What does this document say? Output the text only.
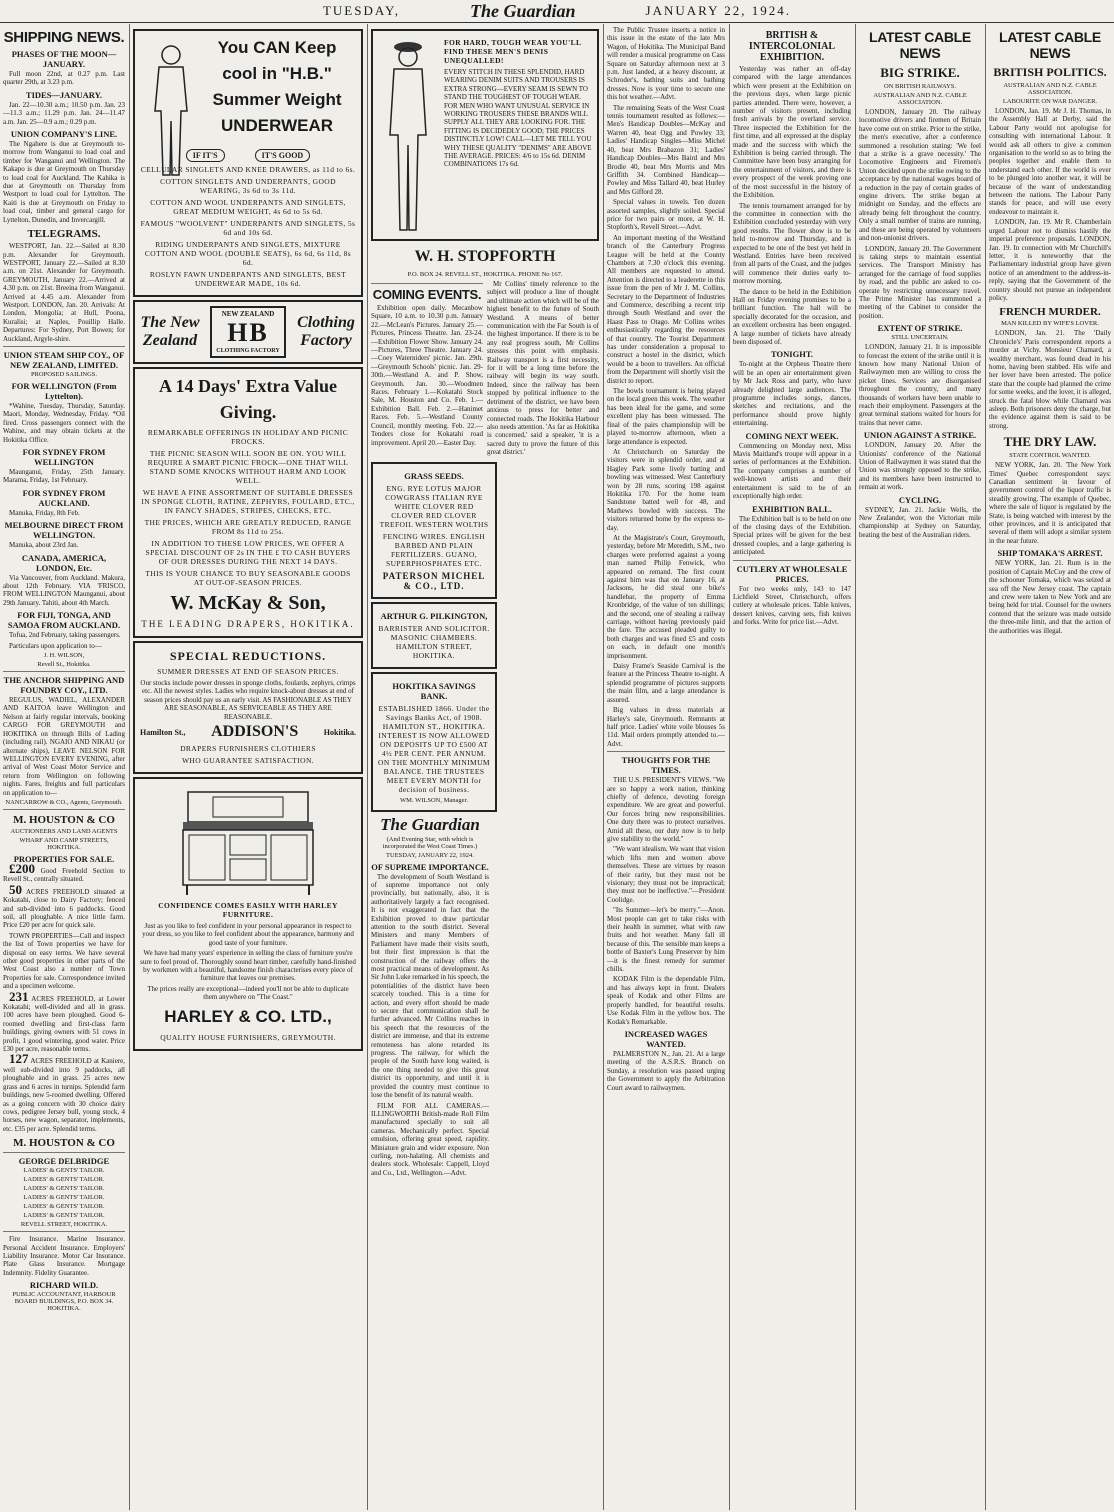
TUESDAY,	The Guardian	JANUARY 22, 1924.
SHIPPING NEWS.
PHASES OF THE MOON—JANUARY.

Full moon 22nd, at 0.27 p.m. Last quarter 29th, at 3.23 p.m.

TIDES—JANUARY.

Jan. 22—10.30 a.m.; 10.50 p.m. Jan. 23—11.3 a.m.; 11.29 p.m. Jan. 24—11.47 a.m. Jan. 25—0.9 a.m.; 0.29 p.m.

UNION COMPANY'S LINE.

The Ngahere is due at Greymouth to-morrow from Wanganui to load coal and timber for Wanganui and Wellington. The Kakapo is due at Greymouth on Thursday to load coal for Auckland. The Kahika is due at Greymouth on Thursday from Westport to load coal for Lyttelton. The Kaiti is due at Greymouth on Friday to load coal, timber and general cargo for Lyttelton, Dunedin, and Invercargill.

TELEGRAMS.

WESTPORT, Jan. 22.—Sailed at 8.30 p.m. Alexander for Greymouth. WESTPORT, January 22.—Sailed at 8.30 a.m. on 21st. Alexander for Greymouth. GREYMOUTH, January 22.—Arrived at 4.30 p.m. on 21st. Breeina from Wanganui. Arrived at 4.45 a.m. Alexander from Westport. LONDON, Jan. 20. Arrivals: At London, Mongolia; at Hull, Poona, Kuralisi; at Naples, Pouillip Halle. Departures: For Sydney, Port Bowen; for Auckland, Argyle-shire.

UNION STEAM SHIP COY., OF NEW ZEALAND, LIMITED.
PROPOSED SAILINGS.
FOR WELLINGTON (From Lyttelton).

*Wahine, Tuesday, Thursday, Saturday. Maori, Monday, Wednesday, Friday. *Oil fired. Cross passengers connect with the Wahine, and may obtain tickets at the Hokitika Office.

FOR SYDNEY FROM WELLINGTON

Maunganui, Friday, 25th January. Marama, Friday, 1st February.

FOR SYDNEY FROM AUCKLAND.

Manuka, Friday, 8th Feb.

MELBOURNE DIRECT FROM WELLINGTON.

Manuka, about 23rd Jan.

CANADA, AMERICA, LONDON, Etc.

Via Vancouver, from Auckland. Makura, about 12th February. VIA 'FRISCO, FROM WELLINGTON Maunganui, about 29th January. Tahiti, about 4th March.

FOR FIJI, TONGA, AND SAMOA FROM AUCKLAND.

Tofua, 2nd February, taking passengers.

Particulars upon application to—

J. H. WILSON,
Revell St., Hokitika.
THE ANCHOR SHIPPING AND FOUNDRY COY., LTD.

REGULUS, WADIEL, ALEXANDER AND KAITOA leave Wellington and Nelson at fairly regular intervals, booking CARGO FOR GREYMOUTH and HOKITIKA on through Bills of Lading (including rail). NGAIO AND NIKAU (or alternate ships), LEAVE NELSON FOR WELLINGTON EVERY EVENING, after arrival of West Coast Motor Service and return from Wellington on following nights. Fares, freights and full particulars on application to—

NANCARROW & CO., Agents, Greymouth.
M. HOUSTON & CO
AUCTIONEERS AND LAND AGENTS
WHARF AND CAMP STREETS, HOKITIKA.
PROPERTIES FOR SALE.

£200 Good Freehold Section to Revell St., centrally situated.

50 ACRES FREEHOLD situated at Kokatahi, close to Dairy Factory; fenced and sub-divided into 6 paddocks. Good soil, all ploughable. A nice little farm. Price £20 per acre for quick sale.

TOWN PROPERTIES—Call and inspect the list of Town properties we have for disposal on easy terms. We have several other good properties in other parts of the West Coast also a number of Town Properties for sale. Correspondence invited and a specimen welcome.

231 ACRES FREEHOLD, at Lower Kokatahi; well-divided and all in grass. 100 acres have been ploughed. Good 6-roomed dwelling and first-class farm buildings, giving owners with 51 cows in profit, 1 good wintering, good water. Price £30 per acre, reasonable terms.

127 ACRES FREEHOLD at Kaniere, well sub-divided into 9 paddocks, all ploughable and in grass. 25 acres new grass and 6 acres in turnips. Splendid farm buildings, new 5-roomed dwelling. Offered as a going concern with 30 choice dairy cows, pedigree Jersey bull, young stock, 4 horses, new wagon, separator, implements, etc. £35 per acre. Splendid terms.

M. HOUSTON & CO
GEORGE DELBRIDGE
LADIES' & GENTS' TAILOR.
LADIES' & GENTS' TAILOR.
LADIES' & GENTS' TAILOR.
LADIES' & GENTS' TAILOR.
LADIES' & GENTS' TAILOR.
LADIES' & GENTS' TAILOR.
REVELL STREET, HOKITIKA.

Fire Insurance. Marine Insurance. Personal Accident Insurance. Employers' Liability Insurance. Motor Car Insurance. Plate Glass Insurance. Mortgage Indemnity. Fidelity Guarantee.

RICHARD WILD.
PUBLIC ACCOUNTANT, HARBOUR BOARD BUILDINGS, P.O. BOX 34. HOKITIKA.
You CAN Keep
cool in "H.B."
Summer Weight
UNDERWEAR
IF IT'S	IT'S GOOD
CELLULAR SINGLETS AND KNEE DRAWERS, as 11d to 6s.
COTTON SINGLETS AND UNDERPANTS, GOOD WEARING, 3s 6d to 3s 11d.
COTTON AND WOOL UNDERPANTS AND SINGLETS, GREAT MEDIUM WEIGHT, 4s 6d to 5s 6d.
FAMOUS "WOOLVENT" UNDERPANTS AND SINGLETS, 5s 6d and 10s 6d.
RIDING UNDERPANTS AND SINGLETS, MIXTURE COTTON AND WOOL (DOUBLE SEATS), 6s 6d, 6s 11d, 8s 6d.
ROSLYN FAWN UNDERPANTS AND SINGLETS, BEST UNDERWEAR MADE, 10s 6d.
The New Zealand
NEW ZEALAND
HB
CLOTHING FACTORY
Clothing Factory
A 14 Days' Extra Value Giving.
REMARKABLE OFFERINGS IN HOLIDAY AND PICNIC FROCKS.
THE PICNIC SEASON WILL SOON BE ON. YOU WILL REQUIRE A SMART PICNIC FROCK—ONE THAT WILL STAND SOME KNOCKS WITHOUT HARM AND LOOK WELL.
WE HAVE A FINE ASSORTMENT OF SUITABLE DRESSES IN SPONGE CLOTH, RATINE, ZEPHYRS, FOULARD, ETC., IN FANCY SHADES, STRIPES, CHECKS, ETC.
THE PRICES, WHICH ARE GREATLY REDUCED, RANGE FROM 8s 11d to 25s.
IN ADDITION TO THESE LOW PRICES, WE OFFER A SPECIAL DISCOUNT OF 2s IN THE £ TO CASH BUYERS OF OUR DRESSES DURING THE NEXT 14 DAYS.
THIS IS YOUR CHANCE TO BUY SEASONABLE GOODS AT OUT-OF-SEASON PRICES.
W. McKay & Son,
THE LEADING DRAPERS, HOKITIKA.
SPECIAL REDUCTIONS.
SUMMER DRESSES AT END OF SEASON PRICES.

Our stocks include power dresses in sponge cloths, foulards, zephyrs, crimps etc. All the newest styles. Ladies who require knock-about dresses at end of season prices should pay us an early visit. AS FASHIONABLE AS THEY ARE SEASONABLE, AS SERVICEABLE AS THEY ARE REASONABLE.

Hamilton St., ADDISON'S	Hokitika.
DRAPERS FURNISHERS CLOTHIERS
WHO GUARANTEE SATISFACTION.
CONFIDENCE COMES EASILY WITH HARLEY FURNITURE.

Just as you like to feel confident in your personal appearance in respect to your dress, so you like to feel confident about the appearance, harmony and good taste of your furniture.

We have had many years' experience in selling the class of furniture you're sure to feel proud of. Thoroughly sound heart timber, carefully hand-finished by workmen with a beautiful, handsome finish characterises every piece of furniture that leaves our premises.

The prices really are exceptional—indeed you'll not be able to duplicate them anywhere on "The Coast."

HARLEY & CO. LTD.,
QUALITY HOUSE FURNISHERS, GREYMOUTH.
FOR HARD, TOUGH WEAR YOU'LL FIND THESE MEN'S DENIS UNEQUALLED!

EVERY STITCH IN THESE SPLENDID, HARD WEARING DENIM SUITS AND TROUSERS IS EXTRA STRONG—EVERY SEAM IS SEWN TO STAND THE TOUGHEST OF TOUGH WEAR. FOR MEN WHO WANT UNUSUAL SERVICE IN WORKING TROUSERS THESE BRANDS WILL SUPPLY ALL THEY ARE LOOKING FOR. THE FITTING IS DECIDEDLY GOOD; THE PRICES DISTINCTLY LOW! CALL—LET ME TELL YOU WHY THESE QUALITY "DENIMS" ARE ABOVE THE AVERAGE. PRICES: 4/6 to 15s 6d. DENIM COMBINATIONS 17s 6d.

W. H. STOPFORTH
P.O. BOX 24. REVELL ST., HOKITIKA. PHONE No 167.
COMING EVENTS.

Exhibition open daily. Mecanbow Square, 10 a.m. to 10.30 p.m. January 22.—McLean's Pictures. January 25.—Pictures, Princess Theatre. Jan. 23-24.—Exhibition Flower Show. January 24.—Pictures, Three Theatre. January 24.—Coey Waterniders' picnic. Jan. 29th.—Greymouth Schools' picnic. Jan. 29-30th.—Westland A. and P. Show, Greymouth. Jan. 30.—Woodmen Races. February 1.—Kokatahi Stock Sale, M. Houston and Co. Feb. 1.—Exhibition Ball. Feb. 2.—Hanimet Races. Feb. 5.—Westland County Council, monthly meeting. Feb. 22.—Tenders close for Kokatahi road improvement. April 20.—Easter Day.

Mr Collins' timely reference to the subject will produce a line of thought and ultimate action which will be of the highest benefit to the future of South Westland. A means of better communication with the Far South is of the highest importance. If there is to be any real progress south, Mr Collins stresses this point with emphasis. Railway transport is a first necessity, for it will be a long time before the railway will begin its way south. Indeed, since the railway has been stopped by political influence to the detriment of the district, we have been anxious to press for better and connected roads. The Hokitika Harbour also needs attention. 'As far as Hokitika is concerned,' said a speaker, 'it is a sacred duty to prove the future of this great district.'

GRASS SEEDS.
ENG. RYE LOTUS MAJOR COWGRASS ITALIAN RYE WHITE CLOVER RED CLOVER RED CLOVER TREFOIL WESTERN WOLTHS
FENCING WIRES. ENGLISH BARBED AND PLAIN FERTILIZERS. GUANO, SUPERPHOSPHATES ETC.
PATERSON MICHEL & CO., LTD.
ARTHUR G. PILKINGTON,
BARRISTER AND SOLICITOR. MASONIC CHAMBERS. HAMILTON STREET, HOKITIKA.
HOKITIKA SAVINGS BANK.
ESTABLISHED 1866. Under the Savings Banks Act, of 1908. HAMILTON ST., HOKITIKA. INTEREST IS NOW ALLOWED ON DEPOSITS UP TO £500 AT 4½ PER CENT. PER ANNUM. ON THE MONTHLY MINIMUM BALANCE. THE TRUSTEES MEET EVERY MONTH for decision of business.
WM. WILSON, Manager.
The Guardian
(And Evening Star, with which is incorporated the West Coast Times.)
TUESDAY, JANUARY 22, 1924.
OF SUPREME IMPORTANCE.

The development of South Westland is of supreme importance not only provincially, but nationally, also, it is authoritatively largely a fact recognised. It is not exaggerated in fact that the Exhibition proved to draw particular attention to the south district. Several Ministers and many Members of Parliament have made their visits south, but their first impression is that the construction of the railway offers the most practical means of development. As Sir John Luke remarked in his speech, the potentialities of the district have been scarcely touched. This is a time for action, and every effort should be made to secure that communication shall be further advanced. Mr Collins reaches in his speech that the resources of the district are immense, and that its extreme remoteness has alone retarded its progress. The railway, for which the people of the South have long waited, is the one thing needed to give this great district its opportunity, and until it is provided the country must continue to lose the benefit of its natural wealth.

FILM FOR ALL CAMERAS.—ILLINGWORTH British-made Roll Film manufactured specially to suit all cameras. Mechanically perfect. Special emulsion, offering great speed, rapidity. Miniature grain and wider exposure. Non curling, non-halating. All chemists and dealers stock. Wholesale: Cappell, Lloyd and Co., Ltd., Wellington.—Advt.

The Public Trustee inserts a notice in this issue in the estate of the late Mrs Wagon, of Hokitika. The Municipal Band will render a musical programme on Cass Square on Saturday afternoon next at 3 p.m. Just landed, at a heavy discount, at Schroder's, bathing suits and bathing dresses. Now is your time to secure one this hot weather.—Advt.

The remaining Seats of the West Coast tennis tournament resulted as follows:—Men's Handicap Doubles—McKay and Warren 40, beat Ogg and Powley 33; Ladies' Handicap Singles—Miss Michel 40, beat Mrs Brabazon 31; Ladies' Handicap Doubles—Mrs Baird and Mrs Brodie 40, beat Mrs Morris and Mrs Griffith 34. Combined Handicap—Powley and Miss Tallard 40, beat Hurley and Mrs Gifford 28.

Special values in towels. Ten dozen assorted samples, slightly soiled. Special price for two pairs or more, at W. H. Stopforth's, Revell Street.—Advt.

An important meeting of the Westland branch of the Canterbury Progress League will be held at the County Chambers at 7.30 o'clock this evening. All members are requested to attend. Attention is directed to a leaderette in this issue from the pen of Mr J. M. Collins, Secretary to the Department of Industries and Commerce, describing a recent trip through South Westland and over the Haast Pass to Otago. Mr Collins writes enthusiastically regarding the resources of that country. The Tourist Department has under consideration a proposal to construct a hostel in the district, which would be a boon to travellers. An official from the Department will shortly visit the district to report.

The bowls tournament is being played on the local green this week. The weather has been ideal for the game, and some excellent play has been witnessed. The final of the pairs championship will be played to-morrow afternoon, when a large attendance is expected.

At Christchurch on Saturday the visitors were in splendid order, and at Hagley Park some lively batting and bowling was witnessed. West Canterbury won by 28 runs, scoring 198 against Hokitika 170. For the home team Sandstone batted well for 48, and Mathews bowled with success. The visitors returned home by the express to-day.

At the Magistrate's Court, Greymouth, yesterday, before Mr Meredith, S.M., two charges were preferred against a young man named Philip Fenwick, who appeared on remand. The first count against him was that on January 16, at Jacksons, he did steal one bike's handlebar, the property of Emma Kronbridge, of the value of ten shillings; and the second, one of stealing a railway carriage, without having previously paid the fare. The accused pleaded guilty to both charges and was fined £5 and costs on each, in default one month's imprisonment.

Daisy Frame's Seaside Carnival is the feature at the Princess Theatre to-night. A splendid programme of pictures supports the main film, and a large attendance is assured.

Big values in dress materials at Harley's sale, Greymouth. Remnants at half price. Ladies' white voile blouses 5s 11d. Mail orders promptly attended to.—Advt.

THOUGHTS FOR THE TIMES.

THE U.S. PRESIDENT'S VIEWS. "We are so happy a work nation, thinking chiefly of defence, devoting foreign expenditure. We are great and powerful. Our forces bring new responsibilities. One duty there was to protect ourselves. Amid all these, our duty now is to help give stability to the world."

"We want idealism. We want that vision which lifts men and women above themselves. These are virtues by reason of their rarity, but they must not be visionary; they must not be impractical; they must not be ineffective."—President Coolidge.

"Its Summer—let's be merry."—Anon. Most people can get to take risks with their health in summer, what with raw fruits and hot weather. Many fall ill because of this. The sensible man keeps a bottle of Baxter's Lung Preserver by him—it is the finest remedy for summer chills.

KODAK Film is the dependable Film, and has always kept in front. Dealers speak of Kodak and other Films are properly handled, for beautiful results. Use Kodak Film in the yellow box. The Kodak's Remarkable.

INCREASED WAGES WANTED.

PALMERSTON N., Jan. 21. At a large meeting of the A.S.R.S. Branch on Sunday, a resolution was passed urging the Government to apply the Arbitration Court award to railwaymen.

BRITISH & INTERCOLONIAL EXHIBITION.

Yesterday was rather an off-day compared with the large attendances which were present at the Exhibition on the previous days, when large picnic parties attended. There were, however, a number of visitors present, including fresh arrivals by the overland service. Three inspected the Exhibition for the first time, and all expressed at the display made and the success with which the Exhibition is being carried through. The Committee have been busy arranging for the entertainment of visitors, and there is every prospect of the week proving one of the most successful in the history of the Exhibition.

The tennis tournament arranged for by the committee in connection with the Exhibition concluded yesterday with very good results. The flower show is to be held to-morrow and Thursday, and is expected to be one of the best yet held in Westland. Entries have been received from all parts of the Coast, and the judges will commence their duties early to-morrow morning.

The dance to be held in the Exhibition Hall on Friday evening promises to be a brilliant function. The hall will be specially decorated for the occasion, and an excellent orchestra has been engaged. A large number of tickets have already been disposed of.

TONIGHT.

To-night at the Orpheus Theatre there will be an open air entertainment given by Mr Jack Ross and party, who have already delighted large audiences. The programme includes songs, dances, sketches and recitations, and the performance should prove highly entertaining.

COMING NEXT WEEK.

Commencing on Monday next, Miss Mavis Maitland's troupe will appear in a series of performances at the Exhibition. The company comprises a number of well-known artists and their entertainment is said to be of an exceptionally high order.

EXHIBITION BALL.

The Exhibition ball is to be held on one of the closing days of the Exhibition. Special prizes will be given for the best dressed couples, and a large gathering is anticipated.

CUTLERY AT WHOLESALE PRICES.

For two weeks only, 143 to 147 Lichfield Street, Christchurch, offers cutlery at wholesale prices. Table knives, dessert knives, carving sets, fish knives and forks. Write for price list.—Advt.

LATEST CABLE NEWS
BIG STRIKE.
ON BRITISH RAILWAYS.
AUSTRALIAN AND N.Z. CABLE ASSOCIATION.

LONDON, January 20. The railway locomotive drivers and firemen of Britain have come out on strike. Prior to the strike, the men's executive, after a conference summoned a resolution stating: 'We feel that a strike is a grave necessity.' The Locomotive Engineers and Firemen's Union decided upon the strike owing to the acceptance by the national wages board of a reduction in the pay of certain grades of engine drivers. The strike began at midnight on Sunday, and the effects are already being felt throughout the country. Only a small number of trains are running, and these are being operated by volunteers and non-unionist drivers.

LONDON, January 20. The Government is taking steps to maintain essential services. The Transport Ministry has arranged for the carriage of food supplies by road, and the public are asked to co-operate by restricting unnecessary travel. The Prime Minister has summoned a meeting of the Cabinet to consider the position.

EXTENT OF STRIKE.
STILL UNCERTAIN.

LONDON, January 21. It is impossible to forecast the extent of the strike until it is known how many National Union of Railwaymen men are willing to cross the picket lines. Services are disorganised throughout the country, and many thousands of workers have been unable to reach their employment. Passengers at the great terminal stations waited for hours for trains that never came.

UNION AGAINST A STRIKE.

LONDON, January 20. After the Unionists' conference of the National Union of Railwaymen it was stated that the Union was strongly opposed to the strike, and its members have been instructed to remain at work.

CYCLING.

SYDNEY, Jan. 21. Jackie Wells, the New Zealander, won the Victorian mile championship at Sydney on Saturday, beating the best of the Australian riders.

LATEST CABLE NEWS
BRITISH POLITICS.
AUSTRALIAN AND N.Z. CABLE ASSOCIATION.
LABOURITE ON WAR DANGER.

LONDON, Jan. 19. Mr J. H. Thomas, in the Assembly Hall at Derby, said the Labour Party would not apologise for consulting with international Labour. It would ask all others to give a common organisation to the world so as to bring the peoples together and enable them to understand each other. If the world is ever to be plunged into another war, it will be because of the want of understanding between the nations. The Labour Party stands for peace, and will use every endeavour to maintain it.

LONDON, Jan. 19. Mr R. Chamberlain urged Labour not to dismiss hastily the imperial preference proposals. LONDON, Jan. 19. In connection with Mr Churchill's letter, it is noteworthy that the Parliamentary industrial group have given notice of an amendment to the address-in-reply, saying that the Government of the country should not pursue an independent policy.

FRENCH MURDER.
MAN KILLED BY WIFE'S LOVER.

LONDON, Jan. 21. The 'Daily Chronicle's' Paris correspondent reports a murder at Vichy. Monsieur Chamard, a wealthy merchant, was found dead in his home, having been stabbed. His wife and her lover have been arrested. The police state that the couple had planned the crime for some weeks, and the lover, it is alleged, struck the fatal blow while Chamard was asleep. Both prisoners deny the charge, but the evidence against them is said to be strong.

THE DRY LAW.
STATE CONTROL WANTED.

NEW YORK, Jan. 20. 'The New York Times' Quebec correspondent says: Canadian sentiment in favour of government control of the liquor traffic is steadily growing. The example of Quebec, where the sale of liquor is regulated by the State, is being watched with interest by the other provinces, and it is anticipated that several of them will adopt a similar system in the near future.

SHIP TOMAKA'S ARREST.

NEW YORK, Jan. 21. Rum is in the position of Captain McCoy and the crew of the schooner Tomaka, which was seized at sea off the New Jersey coast. The captain and crew were taken to New York and are being held for trial. Counsel for the owners contend that the seizure was made outside the three-mile limit, and that the action of the authorities was illegal.
